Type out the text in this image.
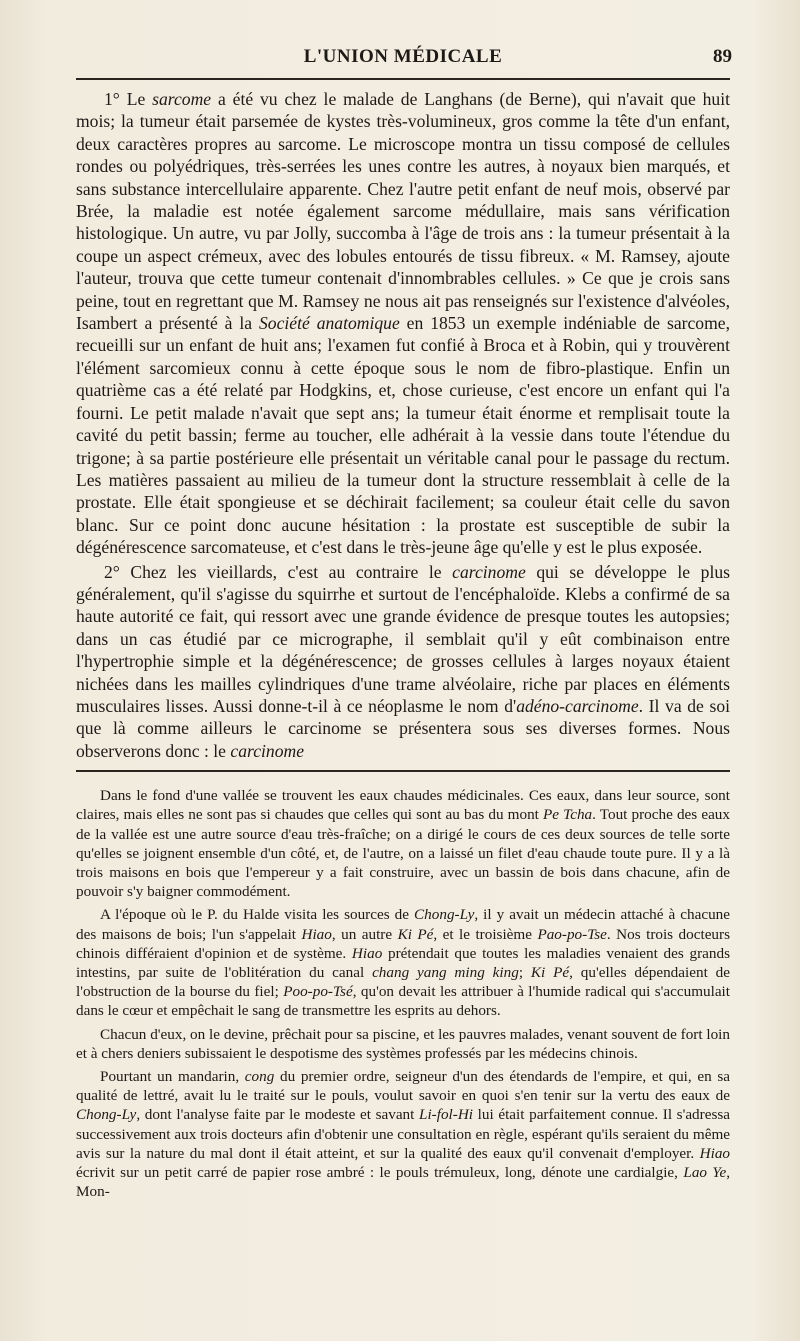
L'UNION MÉDICALE	89

1° Le sarcome a été vu chez le malade de Langhans (de Berne), qui n'avait que huit mois; la tumeur était parsemée de kystes très-volumineux, gros comme la tête d'un enfant, deux caractères propres au sarcome. Le microscope montra un tissu composé de cellules rondes ou polyédriques, très-serrées les unes contre les autres, à noyaux bien marqués, et sans substance intercellulaire apparente. Chez l'autre petit enfant de neuf mois, observé par Brée, la maladie est notée également sarcome médullaire, mais sans vérification histologique. Un autre, vu par Jolly, succomba à l'âge de trois ans : la tumeur présentait à la coupe un aspect crémeux, avec des lobules entourés de tissu fibreux. « M. Ramsey, ajoute l'auteur, trouva que cette tumeur contenait d'innombrables cellules. » Ce que je crois sans peine, tout en regrettant que M. Ramsey ne nous ait pas renseignés sur l'existence d'alvéoles, Isambert a présenté à la Société anatomique en 1853 un exemple indéniable de sarcome, recueilli sur un enfant de huit ans; l'examen fut confié à Broca et à Robin, qui y trouvèrent l'élément sarcomieux connu à cette époque sous le nom de fibro-plastique. Enfin un quatrième cas a été relaté par Hodgkins, et, chose curieuse, c'est encore un enfant qui l'a fourni. Le petit malade n'avait que sept ans; la tumeur était énorme et remplisait toute la cavité du petit bassin; ferme au toucher, elle adhérait à la vessie dans toute l'étendue du trigone; à sa partie postérieure elle présentait un véritable canal pour le passage du rectum. Les matières passaient au milieu de la tumeur dont la structure ressemblait à celle de la prostate. Elle était spongieuse et se déchirait facilement; sa couleur était celle du savon blanc. Sur ce point donc aucune hésitation : la prostate est susceptible de subir la dégénérescence sarcomateuse, et c'est dans le très-jeune âge qu'elle y est le plus exposée.

2° Chez les vieillards, c'est au contraire le carcinome qui se développe le plus généralement, qu'il s'agisse du squirrhe et surtout de l'encéphaloïde. Klebs a confirmé de sa haute autorité ce fait, qui ressort avec une grande évidence de presque toutes les autopsies; dans un cas étudié par ce micrographe, il semblait qu'il y eût combinaison entre l'hypertrophie simple et la dégénérescence; de grosses cellules à larges noyaux étaient nichées dans les mailles cylindriques d'une trame alvéolaire, riche par places en éléments musculaires lisses. Aussi donne-t-il à ce néoplasme le nom d'adéno-carcinome. Il va de soi que là comme ailleurs le carcinome se présentera sous ses diverses formes. Nous observerons donc : le carcinome

Dans le fond d'une vallée se trouvent les eaux chaudes médicinales. Ces eaux, dans leur source, sont claires, mais elles ne sont pas si chaudes que celles qui sont au bas du mont Pe Tcha. Tout proche des eaux de la vallée est une autre source d'eau très-fraîche; on a dirigé le cours de ces deux sources de telle sorte qu'elles se joignent ensemble d'un côté, et, de l'autre, on a laissé un filet d'eau chaude toute pure. Il y a là trois maisons en bois que l'empereur y a fait construire, avec un bassin de bois dans chacune, afin de pouvoir s'y baigner commodément.

A l'époque où le P. du Halde visita les sources de Chong-Ly, il y avait un médecin attaché à chacune des maisons de bois; l'un s'appelait Hiao, un autre Ki Pé, et le troisième Pao-po-Tse. Nos trois docteurs chinois différaient d'opinion et de système. Hiao prétendait que toutes les maladies venaient des grands intestins, par suite de l'oblitération du canal chang yang ming king; Ki Pé, qu'elles dépendaient de l'obstruction de la bourse du fiel; Poo-po-Tsé, qu'on devait les attribuer à l'humide radical qui s'accumulait dans le cœur et empêchait le sang de transmettre les esprits au dehors.

Chacun d'eux, on le devine, prêchait pour sa piscine, et les pauvres malades, venant souvent de fort loin et à chers deniers subissaient le despotisme des systèmes professés par les médecins chinois.

Pourtant un mandarin, cong du premier ordre, seigneur d'un des étendards de l'empire, et qui, en sa qualité de lettré, avait lu le traité sur le pouls, voulut savoir en quoi s'en tenir sur la vertu des eaux de Chong-Ly, dont l'analyse faite par le modeste et savant Li-fol-Hi lui était parfaitement connue. Il s'adressa successivement aux trois docteurs afin d'obtenir une consultation en règle, espérant qu'ils seraient du même avis sur la nature du mal dont il était atteint, et sur la qualité des eaux qu'il convenait d'employer. Hiao écrivit sur un petit carré de papier rose ambré : le pouls trémuleux, long, dénote une cardialgie, Lao Ye, Mon-
